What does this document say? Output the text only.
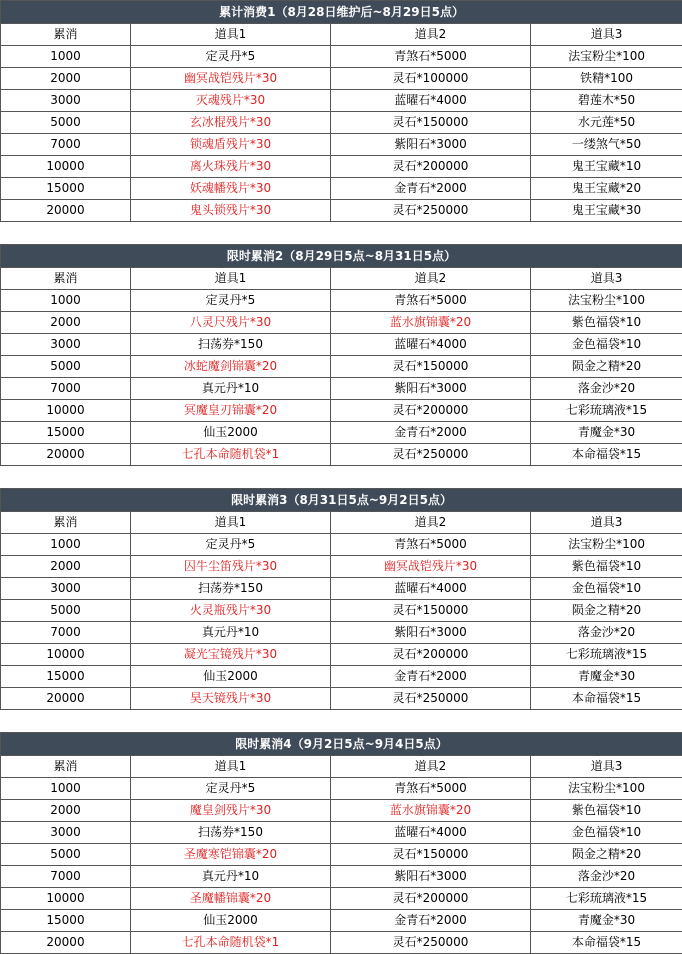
累计消费1（8月28日维护后~8月29日5点）			
累消	道具1	道具2	道具3
1000	定灵丹*5	青煞石*5000	法宝粉尘*100
2000	幽冥战铠残片*30	灵石*100000	铁精*100
3000	灭魂残片*30	蓝曜石*4000	碧莲木*50
5000	玄冰棍残片*30	灵石*150000	水元莲*50
7000	锁魂盾残片*30	紫阳石*3000	一缕煞气*50
10000	离火珠残片*30	灵石*200000	鬼王宝藏*10
15000	妖魂幡残片*30	金青石*2000	鬼王宝藏*20
20000	鬼头锁残片*30	灵石*250000	鬼王宝藏*30
限时累消2（8月29日5点~8月31日5点）			
累消	道具1	道具2	道具3
1000	定灵丹*5	青煞石*5000	法宝粉尘*100
2000	八灵尺残片*30	蓝水旗锦囊*20	紫色福袋*10
3000	扫荡券*150	蓝曜石*4000	金色福袋*10
5000	冰蛇魔剑锦囊*20	灵石*150000	陨金之精*20
7000	真元丹*10	紫阳石*3000	落金沙*20
10000	冥魔皇刃锦囊*20	灵石*200000	七彩琉璃液*15
15000	仙玉2000	金青石*2000	青魔金*30
20000	七孔本命随机袋*1	灵石*250000	本命福袋*15
限时累消3（8月31日5点~9月2日5点）			
累消	道具1	道具2	道具3
1000	定灵丹*5	青煞石*5000	法宝粉尘*100
2000	囚牛尘笛残片*30	幽冥战铠残片*30	紫色福袋*10
3000	扫荡券*150	蓝曜石*4000	金色福袋*10
5000	火灵瓶残片*30	灵石*150000	陨金之精*20
7000	真元丹*10	紫阳石*3000	落金沙*20
10000	凝光宝镜残片*30	灵石*200000	七彩琉璃液*15
15000	仙玉2000	金青石*2000	青魔金*30
20000	昊天镜残片*30	灵石*250000	本命福袋*15
限时累消4（9月2日5点~9月4日5点）			
累消	道具1	道具2	道具3
1000	定灵丹*5	青煞石*5000	法宝粉尘*100
2000	魔皇剑残片*30	蓝水旗锦囊*20	紫色福袋*10
3000	扫荡券*150	蓝曜石*4000	金色福袋*10
5000	圣魔寒铠锦囊*20	灵石*150000	陨金之精*20
7000	真元丹*10	紫阳石*3000	落金沙*20
10000	圣魔幡锦囊*20	灵石*200000	七彩琉璃液*15
15000	仙玉2000	金青石*2000	青魔金*30
20000	七孔本命随机袋*1	灵石*250000	本命福袋*15
